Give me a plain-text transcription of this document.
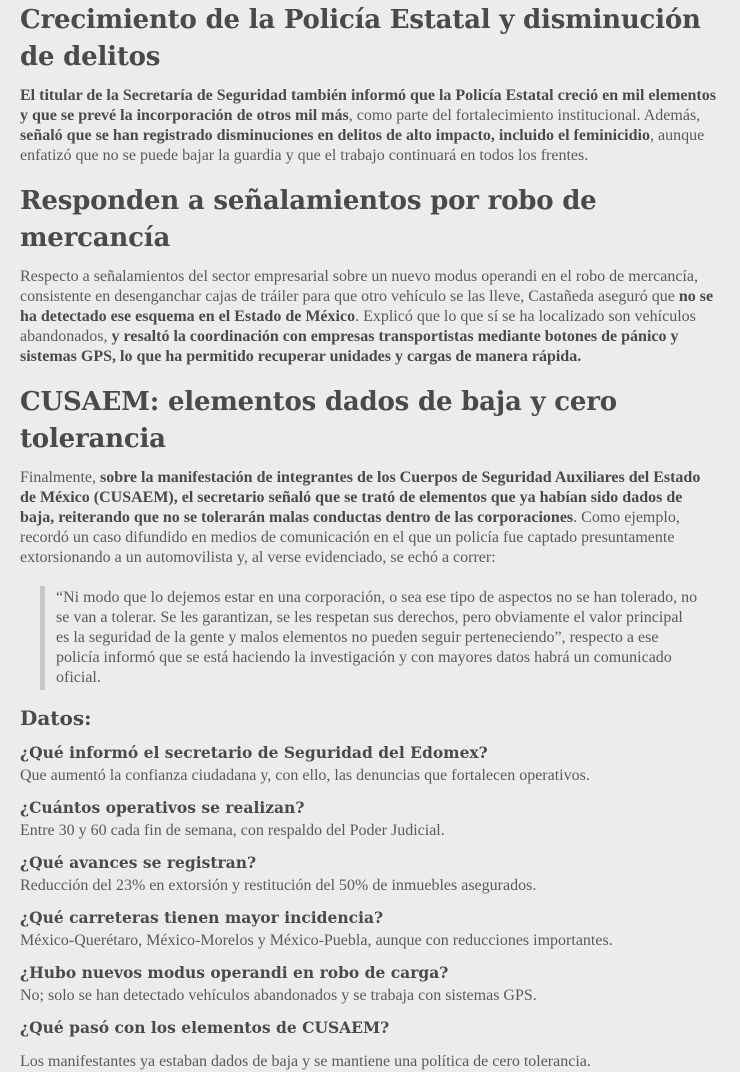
Crecimiento de la Policía Estatal y disminución de delitos

El titular de la Secretaría de Seguridad también informó que la Policía Estatal creció en mil elementos y que se prevé la incorporación de otros mil más, como parte del fortalecimiento institucional. Además, señaló que se han registrado disminuciones en delitos de alto impacto, incluido el feminicidio, aunque enfatizó que no se puede bajar la guardia y que el trabajo continuará en todos los frentes.

Responden a señalamientos por robo de mercancía

Respecto a señalamientos del sector empresarial sobre un nuevo modus operandi en el robo de mercancía, consistente en desenganchar cajas de tráiler para que otro vehículo se las lleve, Castañeda aseguró que no se ha detectado ese esquema en el Estado de México. Explicó que lo que sí se ha localizado son vehículos abandonados, y resaltó la coordinación con empresas transportistas mediante botones de pánico y sistemas GPS, lo que ha permitido recuperar unidades y cargas de manera rápida.

CUSAEM: elementos dados de baja y cero tolerancia

Finalmente, sobre la manifestación de integrantes de los Cuerpos de Seguridad Auxiliares del Estado de México (CUSAEM), el secretario señaló que se trató de elementos que ya habían sido dados de baja, reiterando que no se tolerarán malas conductas dentro de las corporaciones. Como ejemplo, recordó un caso difundido en medios de comunicación en el que un policía fue captado presuntamente extorsionando a un automovilista y, al verse evidenciado, se echó a correr:

“Ni modo que lo dejemos estar en una corporación, o sea ese tipo de aspectos no se han tolerado, no se van a tolerar. Se les garantizan, se les respetan sus derechos, pero obviamente el valor principal es la seguridad de la gente y malos elementos no pueden seguir perteneciendo”, respecto a ese policía informó que se está haciendo la investigación y con mayores datos habrá un comunicado oficial.

Datos:
¿Qué informó el secretario de Seguridad del Edomex?

Que aumentó la confianza ciudadana y, con ello, las denuncias que fortalecen operativos.

¿Cuántos operativos se realizan?

Entre 30 y 60 cada fin de semana, con respaldo del Poder Judicial.

¿Qué avances se registran?

Reducción del 23% en extorsión y restitución del 50% de inmuebles asegurados.

¿Qué carreteras tienen mayor incidencia?

México-Querétaro, México-Morelos y México-Puebla, aunque con reducciones importantes.

¿Hubo nuevos modus operandi en robo de carga?

No; solo se han detectado vehículos abandonados y se trabaja con sistemas GPS.

¿Qué pasó con los elementos de CUSAEM?

Los manifestantes ya estaban dados de baja y se mantiene una política de cero tolerancia.
